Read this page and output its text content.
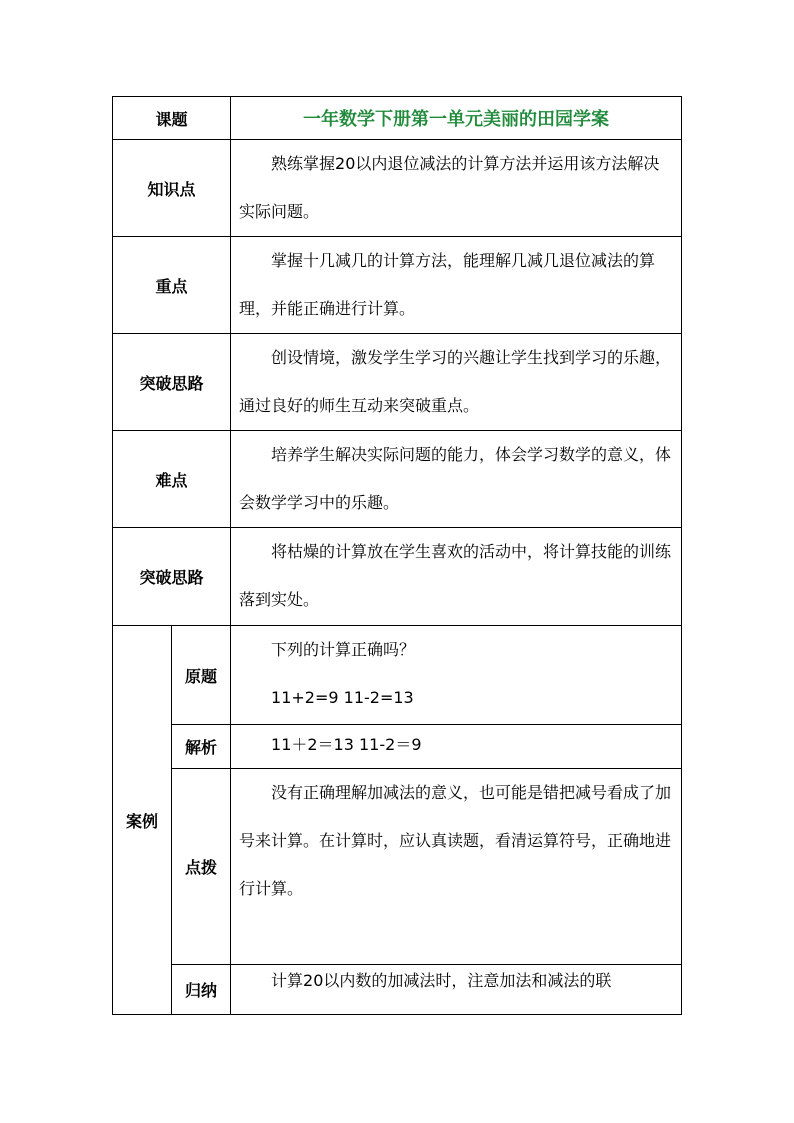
课题		一年数学下册第一单元美丽的田园学案
知识点		熟练掌握20以内退位减法的计算方法并运用该方法解决实际问题。

重点		掌握十几减几的计算方法，能理解几减几退位减法的算理，并能正确进行计算。

突破思路		创设情境，激发学生学习的兴趣让学生找到学习的乐趣，通过良好的师生互动来突破重点。

难点		培养学生解决实际问题的能力，体会学习数学的意义，体会数学学习中的乐趣。

突破思路		将枯燥的计算放在学生喜欢的活动中，将计算技能的训练落到实处。

案例	原题	下列的计算正确吗？

11+2=9 11-2=13

	解析	11＋2＝13 11-2＝9

	点拨	没有正确理解加减法的意义，也可能是错把减号看成了加号来计算。在计算时，应认真读题，看清运算符号，正确地进行计算。

	归纳	计算20以内数的加减法时，注意加法和减法的联
